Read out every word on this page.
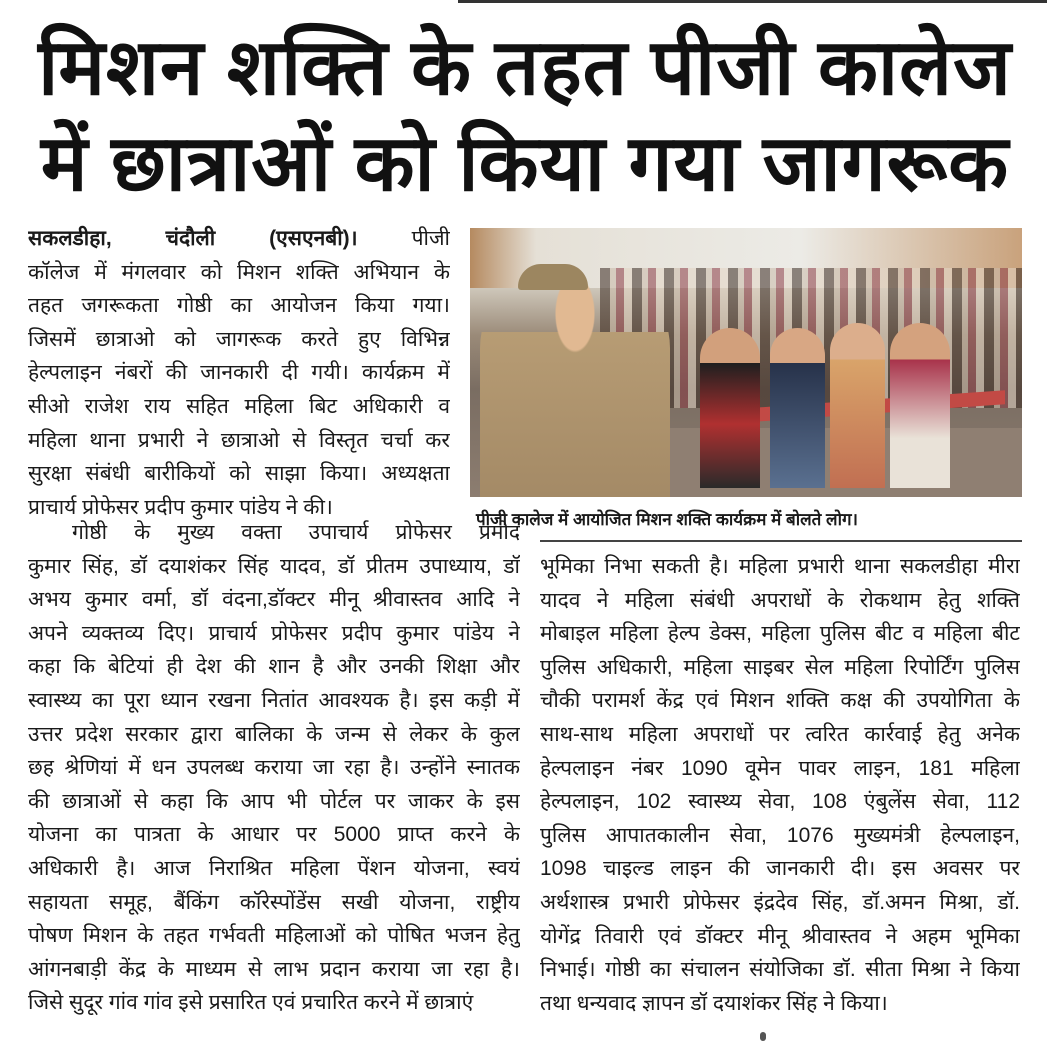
मिशन शक्ति के तहत पीजी कालेज
में छात्राओं को किया गया जागरूक
सकलडीहा, चंदौली (एसएनबी)।	पीजी
कॉलेज में मंगलवार को मिशन शक्ति अभियान के
तहत जगरूकता गोष्ठी का आयोजन किया गया।
जिसमें छात्राओ को जागरूक करते हुए विभिन्न
हेल्पलाइन नंबरों की जानकारी दी गयी। कार्यक्रम में
सीओ राजेश राय सहित महिला बिट अधिकारी व
महिला थाना प्रभारी ने छात्राओ से विस्तृत चर्चा कर
सुरक्षा संबंधी बारीकियों को साझा किया। अध्यक्षता
प्राचार्य प्रोफेसर प्रदीप कुमार पांडेय ने की।
पीजी कालेज में आयोजित मिशन शक्ति कार्यक्रम में बोलते लोग।
गोष्ठी के मुख्य वक्ता उपाचार्य प्रोफेसर प्रमोद
कुमार सिंह, डॉ दयाशंकर सिंह यादव, डॉ प्रीतम उपाध्याय, डॉ
अभय कुमार वर्मा, डॉ वंदना,डॉक्टर मीनू श्रीवास्तव आदि ने
अपने व्यक्तव्य दिए। प्राचार्य प्रोफेसर प्रदीप कुमार पांडेय ने
कहा कि बेटियां ही देश की शान है और उनकी शिक्षा और
स्वास्थ्य का पूरा ध्यान रखना नितांत आवश्यक है। इस कड़ी में
उत्तर प्रदेश सरकार द्वारा बालिका के जन्म से लेकर के कुल
छह श्रेणियां में धन उपलब्ध कराया जा रहा है। उन्होंने स्नातक
की छात्राओं से कहा कि आप भी पोर्टल पर जाकर के इस
योजना का पात्रता के आधार पर 5000 प्राप्त करने के
अधिकारी है। आज निराश्रित महिला पेंशन योजना, स्वयं
सहायता समूह, बैंकिंग कॉरेस्पोंडेंस सखी योजना, राष्ट्रीय
पोषण मिशन के तहत गर्भवती महिलाओं को पोषित भजन हेतु
आंगनबाड़ी केंद्र के माध्यम से लाभ प्रदान कराया जा रहा है।
जिसे सुदूर गांव गांव इसे प्रसारित एवं प्रचारित करने में छात्राएं
भूमिका निभा सकती है। महिला प्रभारी थाना सकलडीहा मीरा
यादव ने महिला संबंधी अपराधों के रोकथाम हेतु शक्ति
मोबाइल महिला हेल्प डेक्स, महिला पुलिस बीट व महिला बीट
पुलिस अधिकारी, महिला साइबर सेल महिला रिपोर्टिंग पुलिस
चौकी परामर्श केंद्र एवं मिशन शक्ति कक्ष की उपयोगिता के
साथ-साथ महिला अपराधों पर त्वरित कार्रवाई हेतु अनेक
हेल्पलाइन नंबर 1090 वूमेन पावर लाइन, 181 महिला
हेल्पलाइन, 102 स्वास्थ्य सेवा, 108 एंबुलेंस सेवा, 112
पुलिस आपातकालीन सेवा, 1076 मुख्यमंत्री हेल्पलाइन,
1098 चाइल्ड लाइन की जानकारी दी। इस अवसर पर
अर्थशास्त्र प्रभारी प्रोफेसर इंद्रदेव सिंह, डॉ.अमन मिश्रा, डॉ.
योगेंद्र तिवारी एवं डॉक्टर मीनू श्रीवास्तव ने अहम भूमिका
निभाई। गोष्ठी का संचालन संयोजिका डॉ. सीता मिश्रा ने किया
तथा धन्यवाद ज्ञापन डॉ दयाशंकर सिंह ने किया।
